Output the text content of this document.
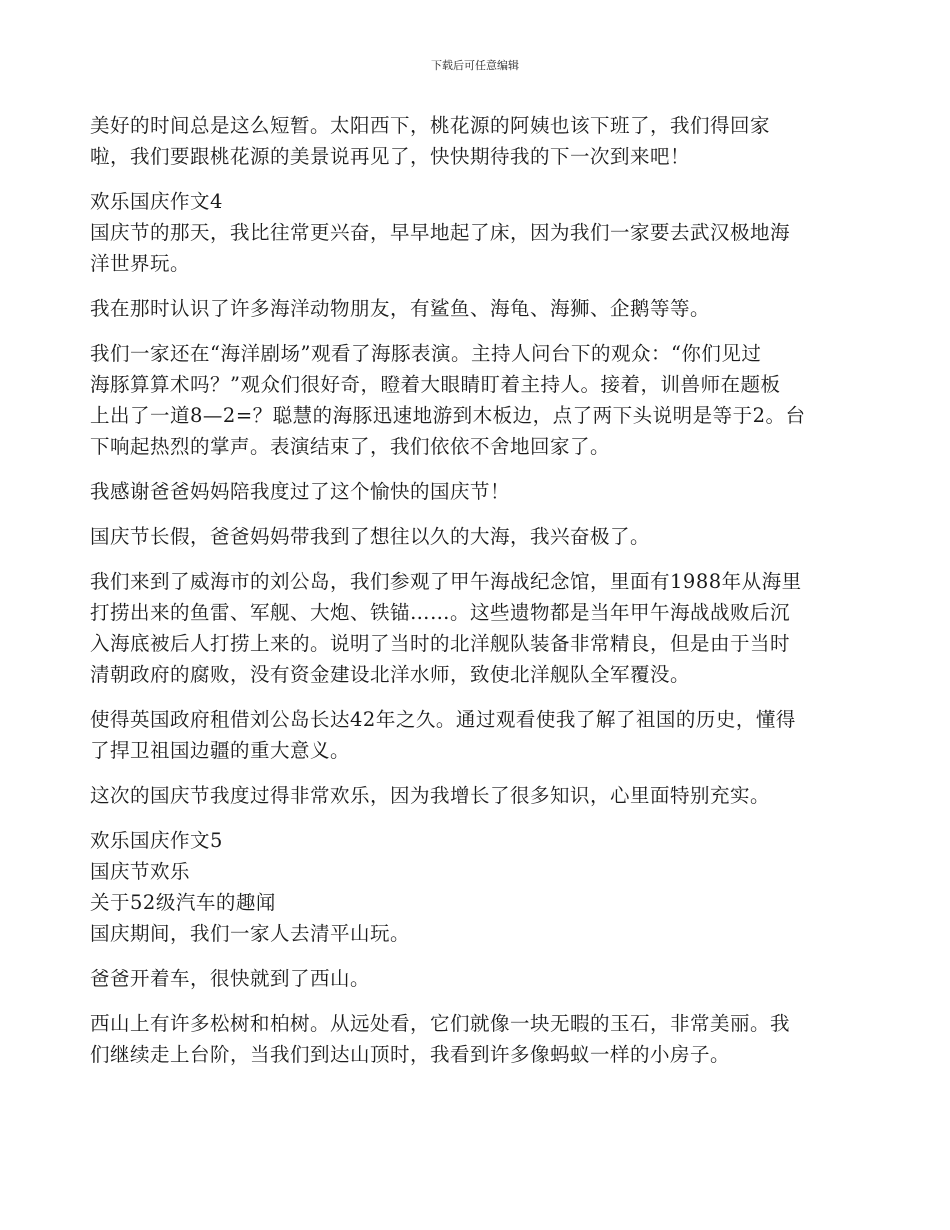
下载后可任意编辑

美好的时间总是这么短暂。太阳西下，桃花源的阿姨也该下班了，我们得回家
啦，我们要跟桃花源的美景说再见了，快快期待我的下一次到来吧！

欢乐国庆作文4

国庆节的那天，我比往常更兴奋，早早地起了床，因为我们一家要去武汉极地海
洋世界玩。

我在那时认识了许多海洋动物朋友，有鲨鱼、海龟、海狮、企鹅等等。

我们一家还在“海洋剧场”观看了海豚表演。主持人问台下的观众：“你们见过
海豚算算术吗？”观众们很好奇，瞪着大眼睛盯着主持人。接着，训兽师在题板
上出了一道8—2=？聪慧的海豚迅速地游到木板边，点了两下头说明是等于2。台
下响起热烈的掌声。表演结束了，我们依依不舍地回家了。

我感谢爸爸妈妈陪我度过了这个愉快的国庆节！

国庆节长假，爸爸妈妈带我到了想往以久的大海，我兴奋极了。

我们来到了威海市的刘公岛，我们参观了甲午海战纪念馆，里面有1988年从海里
打捞出来的鱼雷、军舰、大炮、铁锚……。这些遗物都是当年甲午海战战败后沉
入海底被后人打捞上来的。说明了当时的北洋舰队装备非常精良，但是由于当时
清朝政府的腐败，没有资金建设北洋水师，致使北洋舰队全军覆没。

使得英国政府租借刘公岛长达42年之久。通过观看使我了解了祖国的历史，懂得
了捍卫祖国边疆的重大意义。

这次的国庆节我度过得非常欢乐，因为我增长了很多知识，心里面特别充实。

欢乐国庆作文5

国庆节欢乐

关于52级汽车的趣闻

国庆期间，我们一家人去清平山玩。

爸爸开着车，很快就到了西山。

西山上有许多松树和柏树。从远处看，它们就像一块无暇的玉石，非常美丽。我
们继续走上台阶，当我们到达山顶时，我看到许多像蚂蚁一样的小房子。
